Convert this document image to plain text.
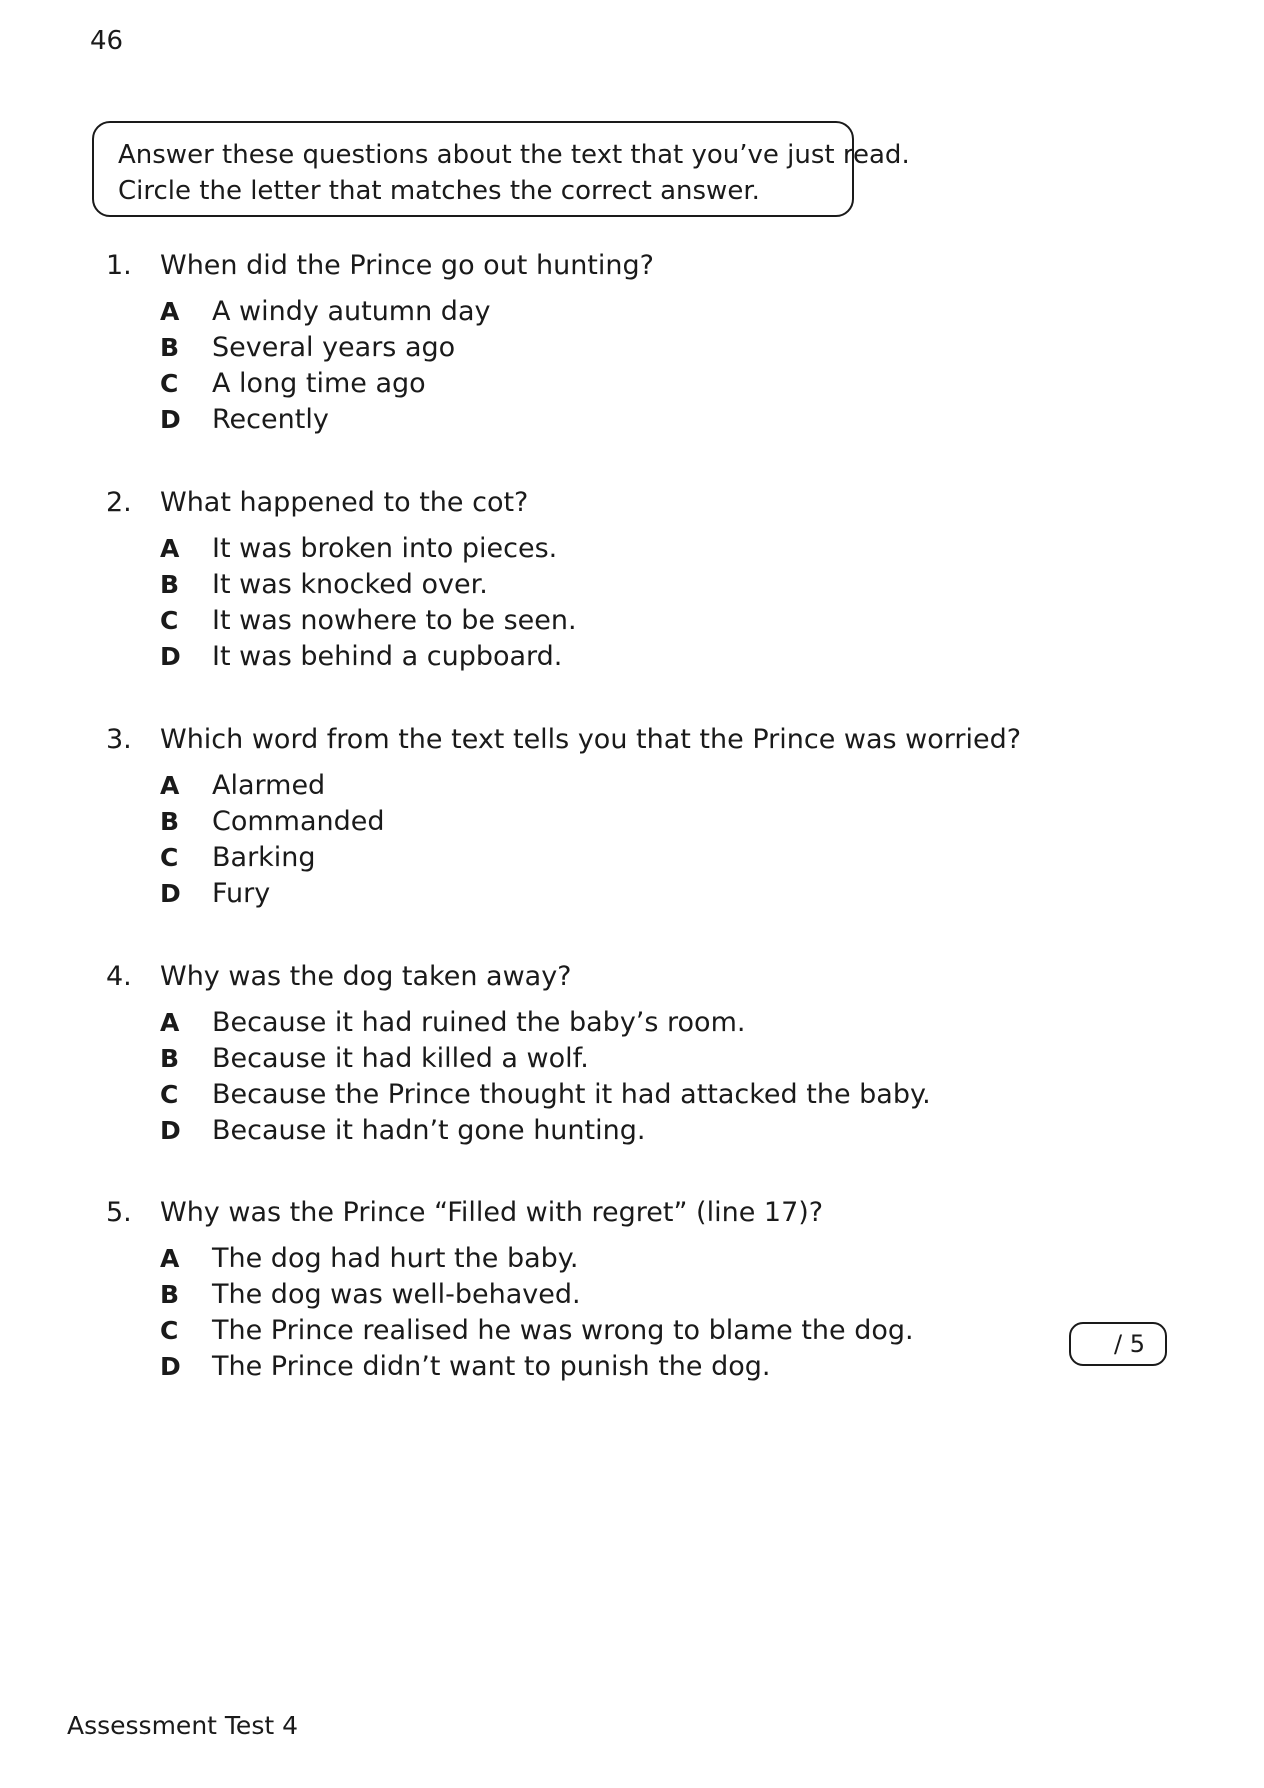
46
Answer these questions about the text that you’ve just read.
Circle the letter that matches the correct answer.
1. When did the Prince go out hunting?
A A windy autumn day
B Several years ago
C A long time ago
D Recently
2. What happened to the cot?
A It was broken into pieces.
B It was knocked over.
C It was nowhere to be seen.
D It was behind a cupboard.
3. Which word from the text tells you that the Prince was worried?
A Alarmed
B Commanded
C Barking
D Fury
4. Why was the dog taken away?
A Because it had ruined the baby’s room.
B Because it had killed a wolf.
C Because the Prince thought it had attacked the baby.
D Because it hadn’t gone hunting.
5. Why was the Prince “Filled with regret” (line 17)?
A The dog had hurt the baby.
B The dog was well-behaved.
C The Prince realised he was wrong to blame the dog.
D The Prince didn’t want to punish the dog.
/ 5
Assessment Test 4
